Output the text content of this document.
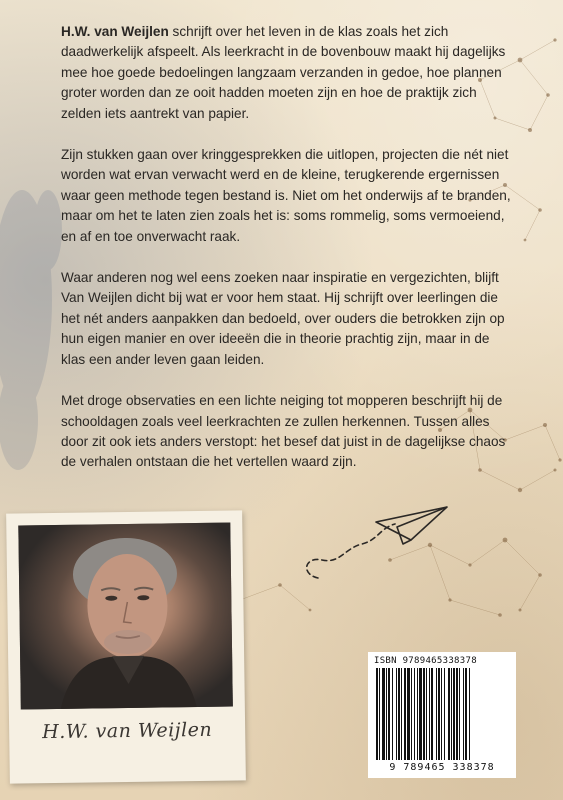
H.W. van Weijlen schrijft over het leven in de klas zoals het zich daadwerkelijk afspeelt. Als leerkracht in de bovenbouw maakt hij dagelijks mee hoe goede bedoelingen langzaam verzanden in gedoe, hoe plannen groter worden dan ze ooit hadden moeten zijn en hoe de praktijk zich zelden iets aantrekt van papier.

Zijn stukken gaan over kringgesprekken die uitlopen, projecten die nét niet worden wat ervan verwacht werd en de kleine, terugkerende ergernissen waar geen methode tegen bestand is. Niet om het onderwijs af te branden, maar om het te laten zien zoals het is: soms rommelig, soms vermoeiend, en af en toe onverwacht raak.

Waar anderen nog wel eens zoeken naar inspiratie en vergezichten, blijft Van Weijlen dicht bij wat er voor hem staat. Hij schrijft over leerlingen die het nét anders aanpakken dan bedoeld, over ouders die betrokken zijn op hun eigen manier en over ideeën die in theorie prachtig zijn, maar in de klas een ander leven gaan leiden.

Met droge observaties en een lichte neiging tot mopperen beschrijft hij de schooldagen zoals veel leerkrachten ze zullen herkennen. Tussen alles door zit ook iets anders verstopt: het besef dat juist in de dagelijkse chaos de verhalen ontstaan die het vertellen waard zijn.

H.W. van Weijlen
ISBN 9789465338378
9 789465 338378
